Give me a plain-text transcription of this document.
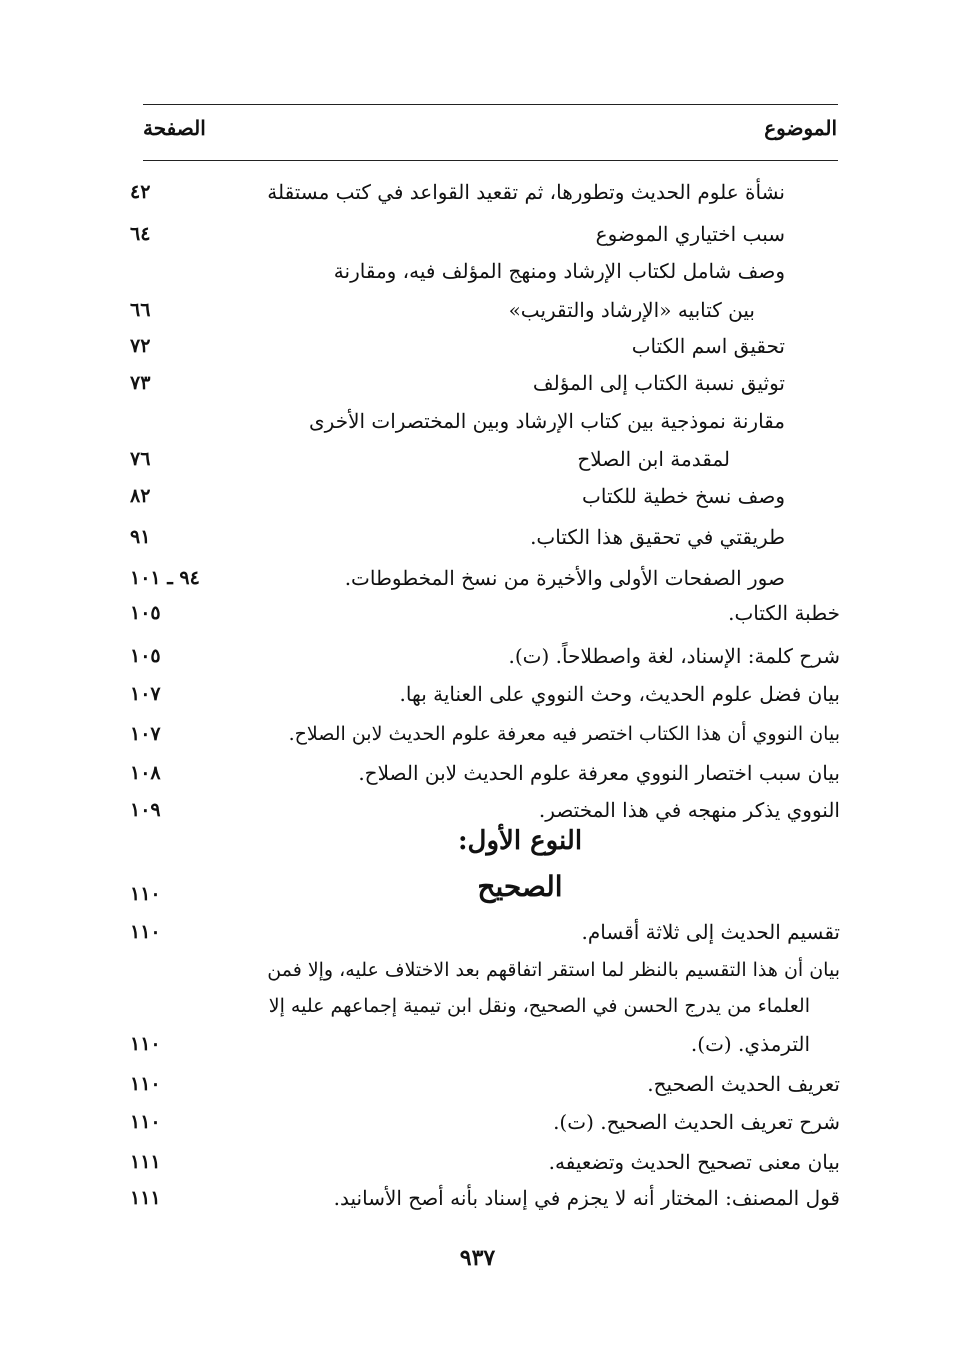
الموضوع
الصفحة
نشأة علوم الحديث وتطورها، ثم تقعيد القواعد في كتب مستقلة
٤٢
سبب اختياري الموضوع
٦٤
وصف شامل لكتاب الإرشاد ومنهج المؤلف فيه، ومقارنة
بين كتابيه «الإرشاد والتقريب»
٦٦
تحقيق اسم الكتاب
٧٢
توثيق نسبة الكتاب إلى المؤلف
٧٣
مقارنة نموذجية بين كتاب الإرشاد وبين المختصرات الأخرى
لمقدمة ابن الصلاح
٧٦
وصف نسخ خطية للكتاب
٨٢
طريقتي في تحقيق هذا الكتاب.
٩١
صور الصفحات الأولى والأخيرة من نسخ المخطوطات.
٩٤ ـ ١٠١
خطبة الكتاب.
١٠٥
شرح كلمة: الإسناد، لغة واصطلاحاً. (ت).
١٠٥
بيان فضل علوم الحديث، وحث النووي على العناية بها.
١٠٧
بيان النووي أن هذا الكتاب اختصر فيه معرفة علوم الحديث لابن الصلاح.
١٠٧
بيان سبب اختصار النووي معرفة علوم الحديث لابن الصلاح.
١٠٨
النووي يذكر منهجه في هذا المختصر.
١٠٩
النوع الأول:
الصحيح
١١٠
تقسيم الحديث إلى ثلاثة أقسام.
١١٠
بيان أن هذا التقسيم بالنظر لما استقر اتفاقهم بعد الاختلاف عليه، وإلا فمن
العلماء من يدرج الحسن في الصحيح، ونقل ابن تيمية إجماعهم عليه إلا
الترمذي. (ت).
١١٠
تعريف الحديث الصحيح.
١١٠
شرح تعريف الحديث الصحيح. (ت).
١١٠
بيان معنى تصحيح الحديث وتضعيفه.
١١١
قول المصنف: المختار أنه لا يجزم في إسناد بأنه أصح الأسانيد.
١١١
٩٣٧
